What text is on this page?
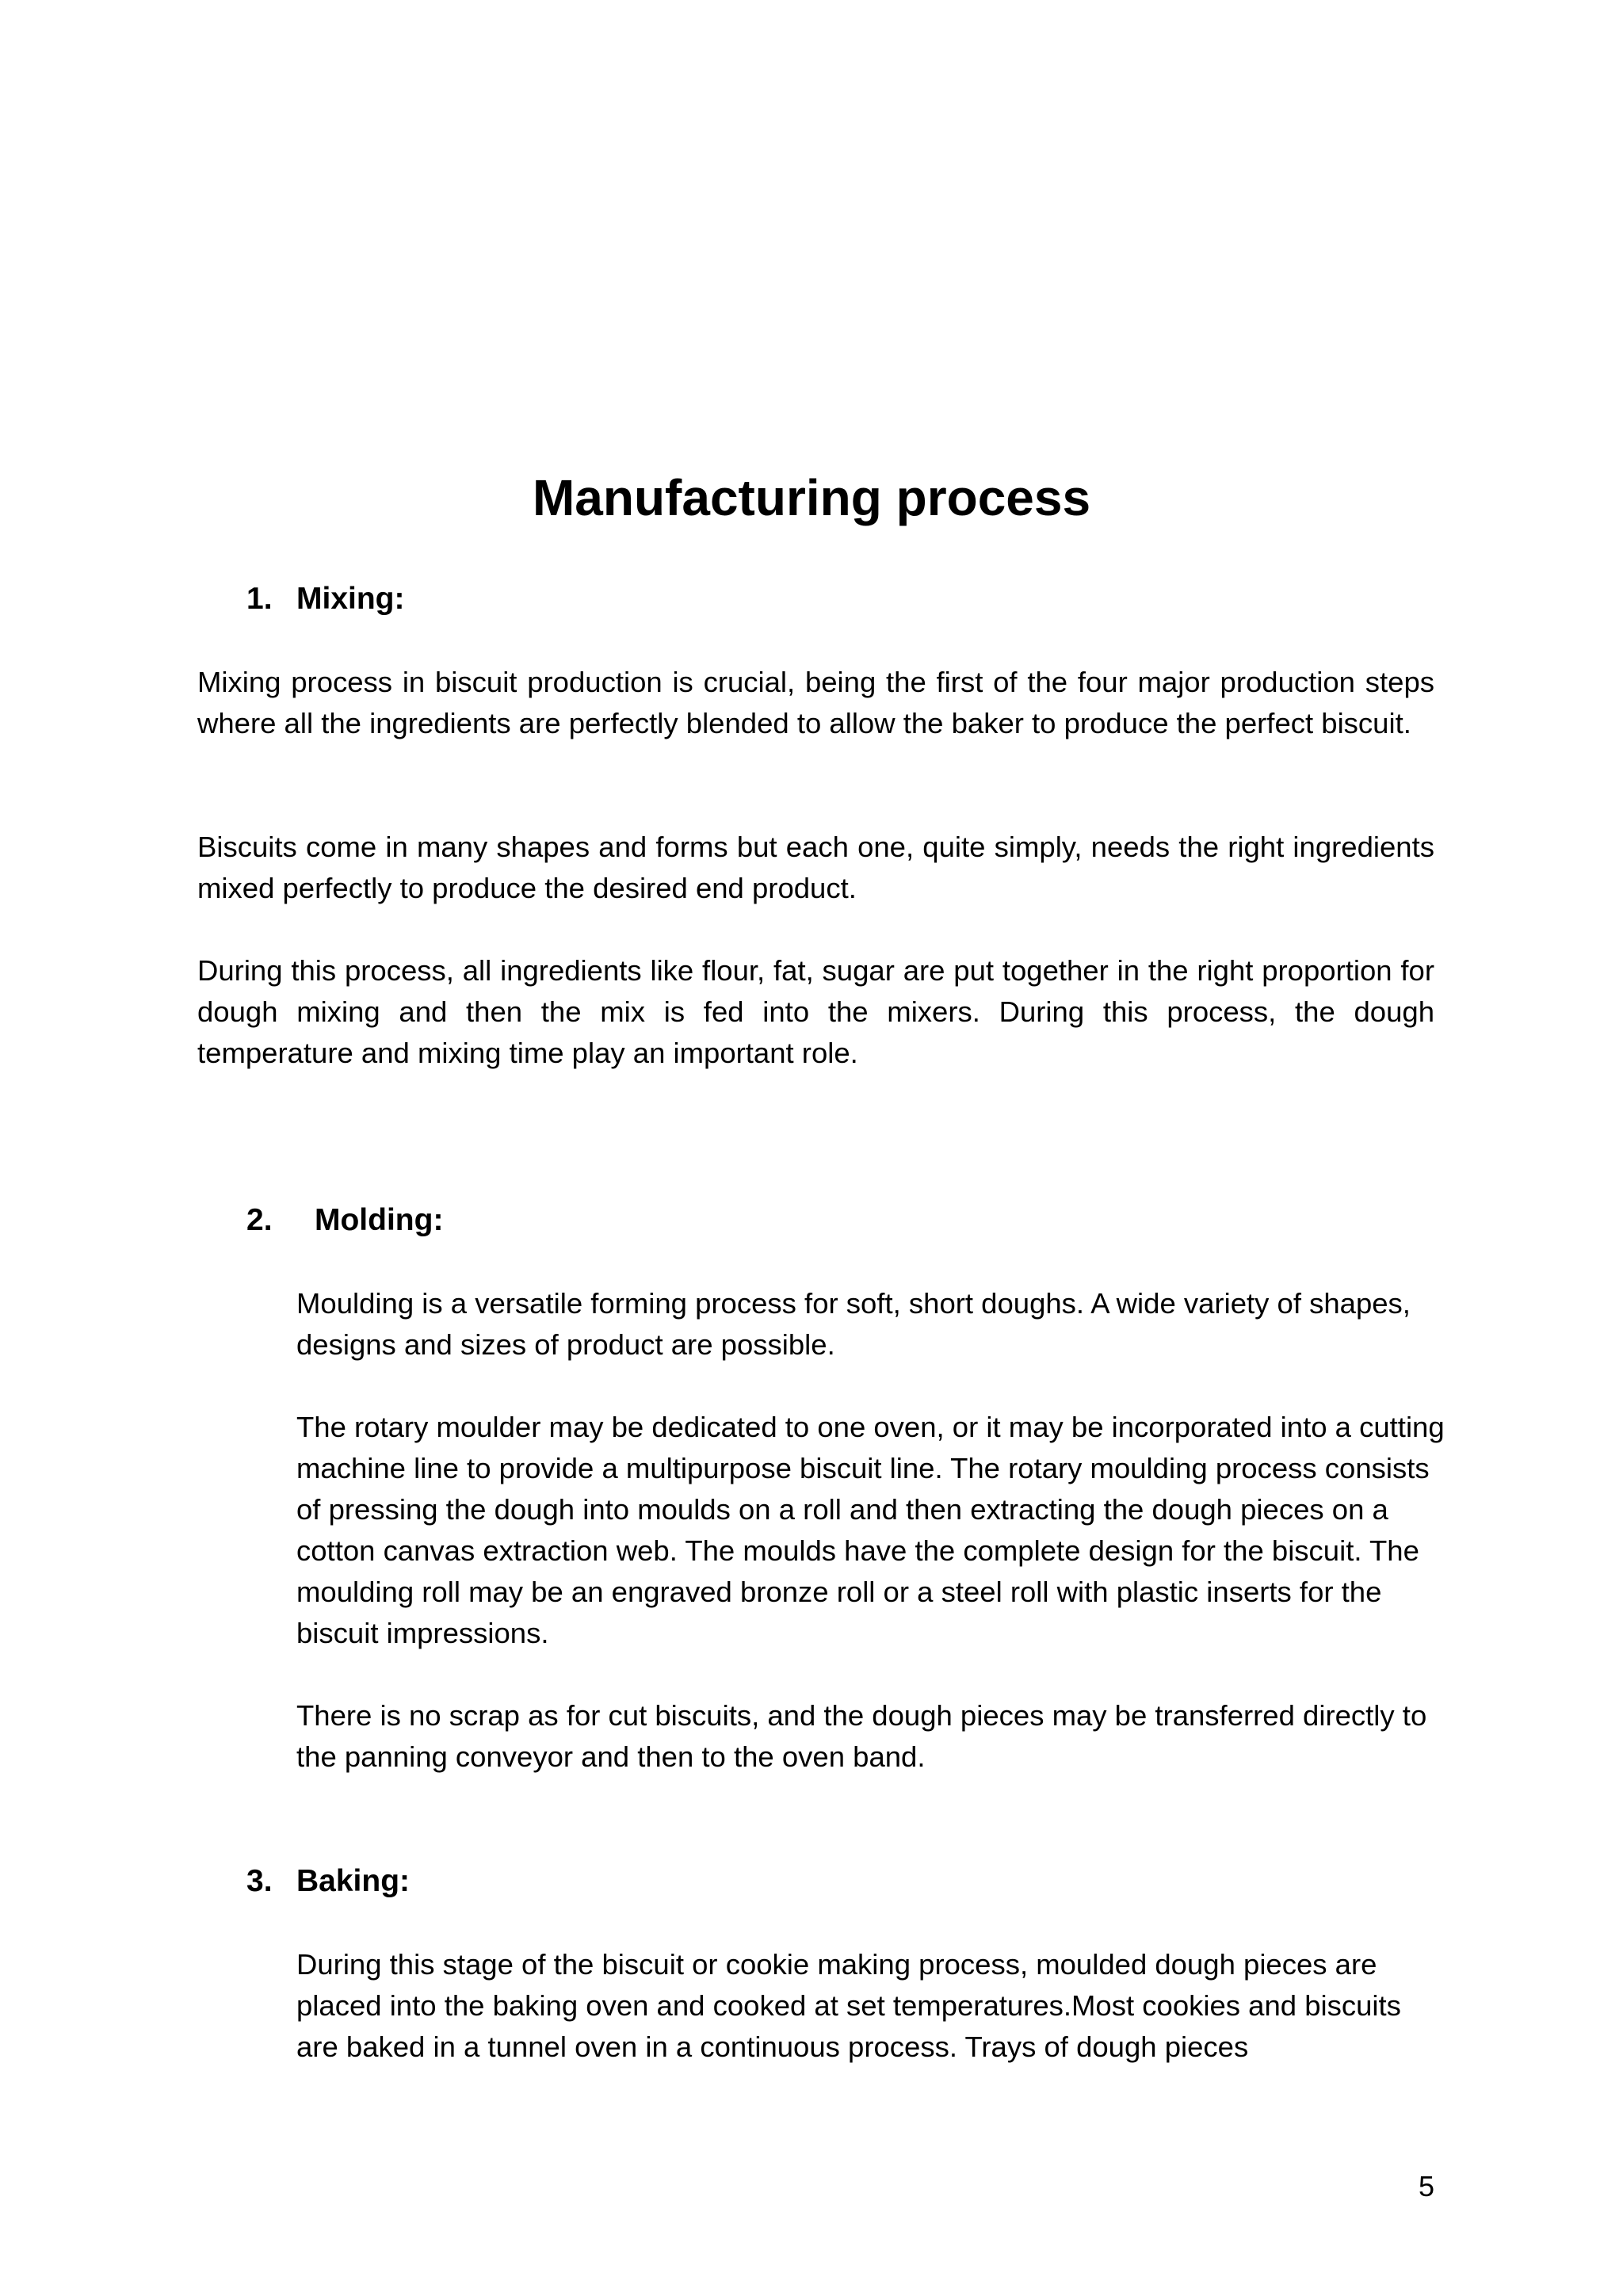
Manufacturing process
1. Mixing:

Mixing process in biscuit production is crucial, being the first of the four major production steps where all the ingredients are perfectly blended to allow the baker to produce the perfect biscuit.

Biscuits come in many shapes and forms but each one, quite simply, needs the right ingredients mixed perfectly to produce the desired end product.

During this process, all ingredients like flour, fat, sugar are put together in the right proportion for dough mixing and then the mix is fed into the mixers. During this process, the dough temperature and mixing time play an important role.

2. Molding:

Moulding is a versatile forming process for soft, short doughs. A wide variety of shapes, designs and sizes of product are possible.

The rotary moulder may be dedicated to one oven, or it may be incorporated into a cutting machine line to provide a multipurpose biscuit line. The rotary moulding process consists of pressing the dough into moulds on a roll and then extracting the dough pieces on a cotton canvas extraction web. The moulds have the complete design for the biscuit. The moulding roll may be an engraved bronze roll or a steel roll with plastic inserts for the biscuit impressions.

There is no scrap as for cut biscuits, and the dough pieces may be transferred directly to the panning conveyor and then to the oven band.

3. Baking:

During this stage of the biscuit or cookie making process, moulded dough pieces are placed into the baking oven and cooked at set temperatures.Most cookies and biscuits are baked in a tunnel oven in a continuous process. Trays of dough pieces

5
